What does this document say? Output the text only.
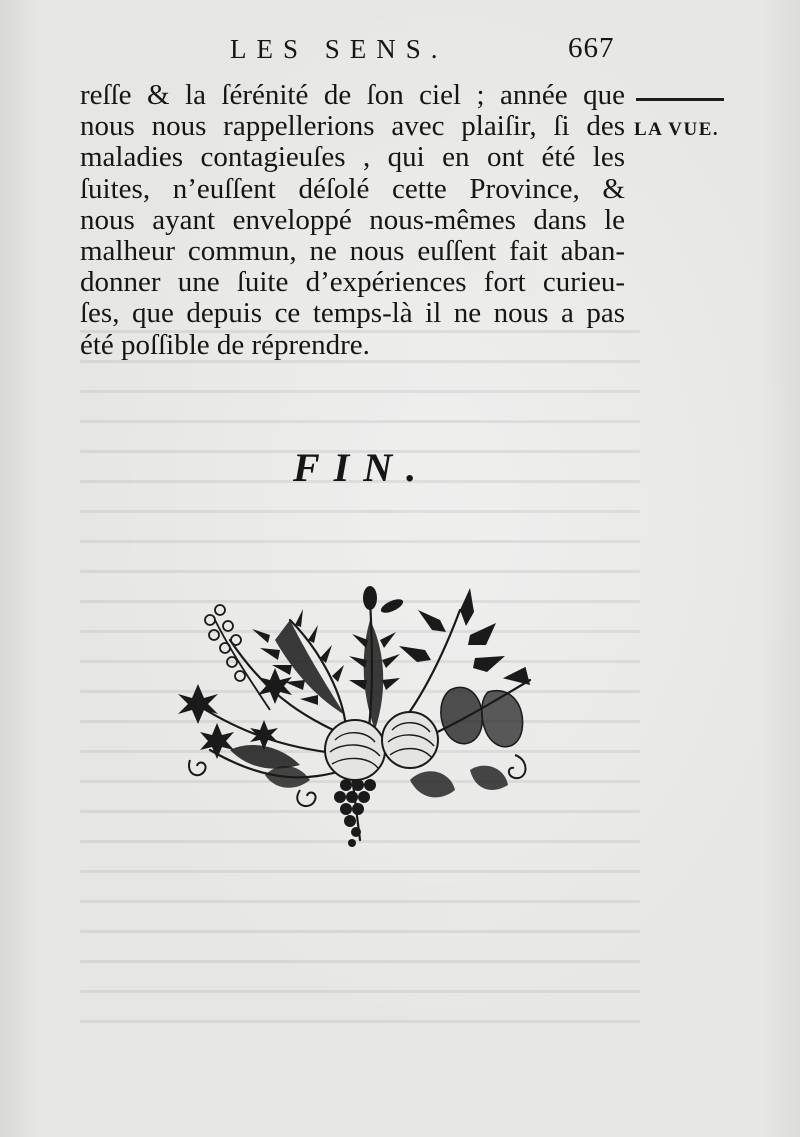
LES SENS.	667
reſſe & la ſérénité de ſon ciel ; année que
nous nous rappellerions avec plaiſir, ſi des
maladies contagieuſes , qui en ont été les
ſuites, n’euſſent déſolé cette Province, &
nous ayant enveloppé nous-mêmes dans le
malheur commun, ne nous euſſent fait aban-
donner une ſuite d’expériences fort curieu-
ſes, que depuis ce temps-là il ne nous a pas
été poſſible de réprendre.
LA VUE.
FIN.
